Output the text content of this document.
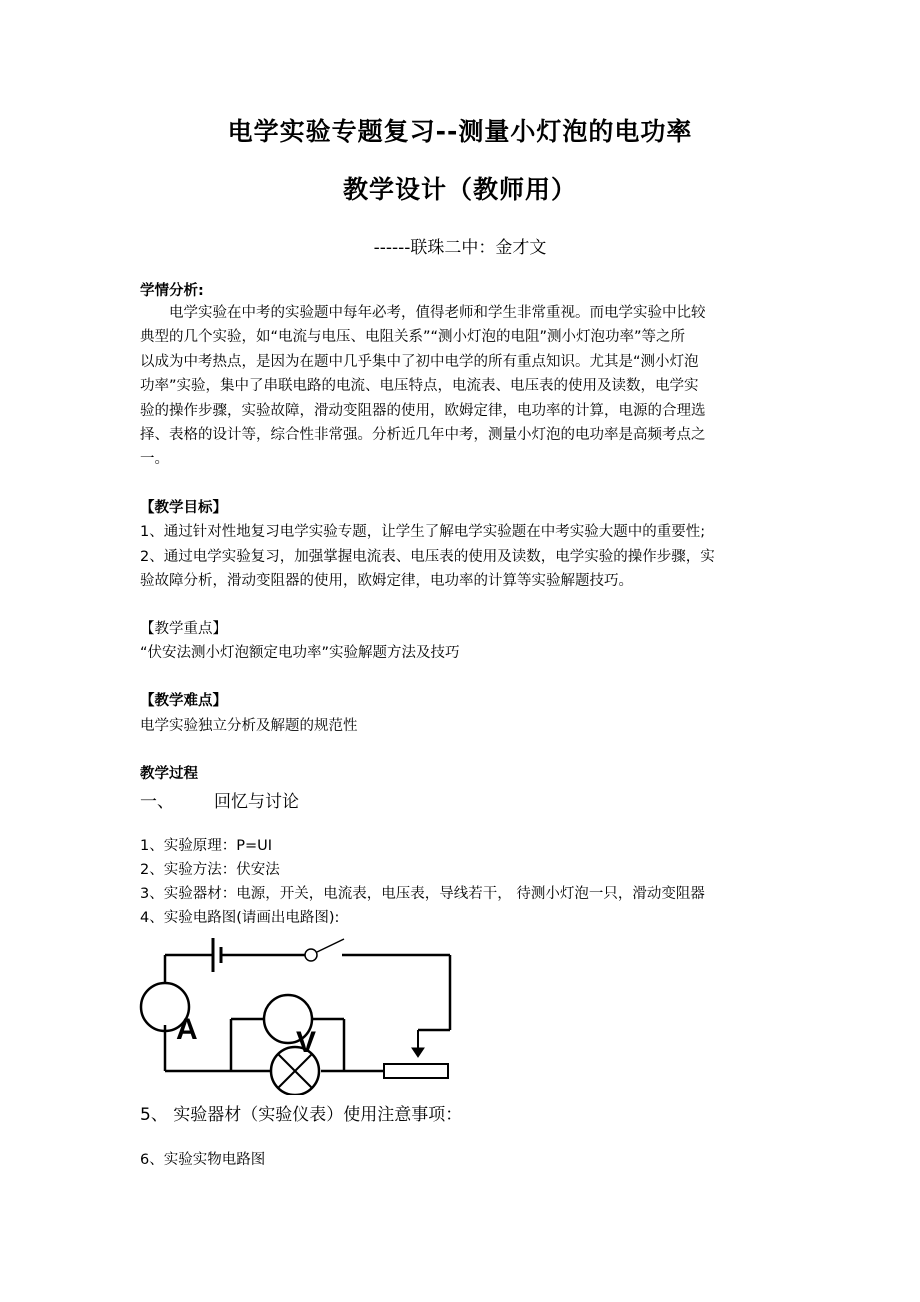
电学实验专题复习--测量小灯泡的电功率
教学设计（教师用）
------联珠二中：金才文
学情分析:

电学实验在中考的实验题中每年必考，值得老师和学生非常重视。而电学实验中比较

典型的几个实验，如“电流与电压、电阻关系”“测小灯泡的电阻”测小灯泡功率”等之所

以成为中考热点，是因为在题中几乎集中了初中电学的所有重点知识。尤其是“测小灯泡

功率”实验，集中了串联电路的电流、电压特点，电流表、电压表的使用及读数，电学实

验的操作步骤，实验故障，滑动变阻器的使用，欧姆定律，电功率的计算，电源的合理选

择、表格的设计等，综合性非常强。分析近几年中考，测量小灯泡的电功率是高频考点之

一。

【教学目标】
1、通过针对性地复习电学实验专题，让学生了解电学实验题在中考实验大题中的重要性;
2、通过电学实验复习，加强掌握电流表、电压表的使用及读数，电学实验的操作步骤，实
验故障分析，滑动变阻器的使用，欧姆定律，电功率的计算等实验解题技巧。
【教学重点】
“伏安法测小灯泡额定电功率”实验解题方法及技巧
【教学难点】
电学实验独立分析及解题的规范性
教学过程
一、 回忆与讨论
1、实验原理：P=UI
2、实验方法：伏安法
3、实验器材：电源，开关，电流表，电压表，导线若干， 待测小灯泡一只，滑动变阻器
4、实验电路图(请画出电路图):
A	V
5、 实验器材（实验仪表）使用注意事项：
6、实验实物电路图
